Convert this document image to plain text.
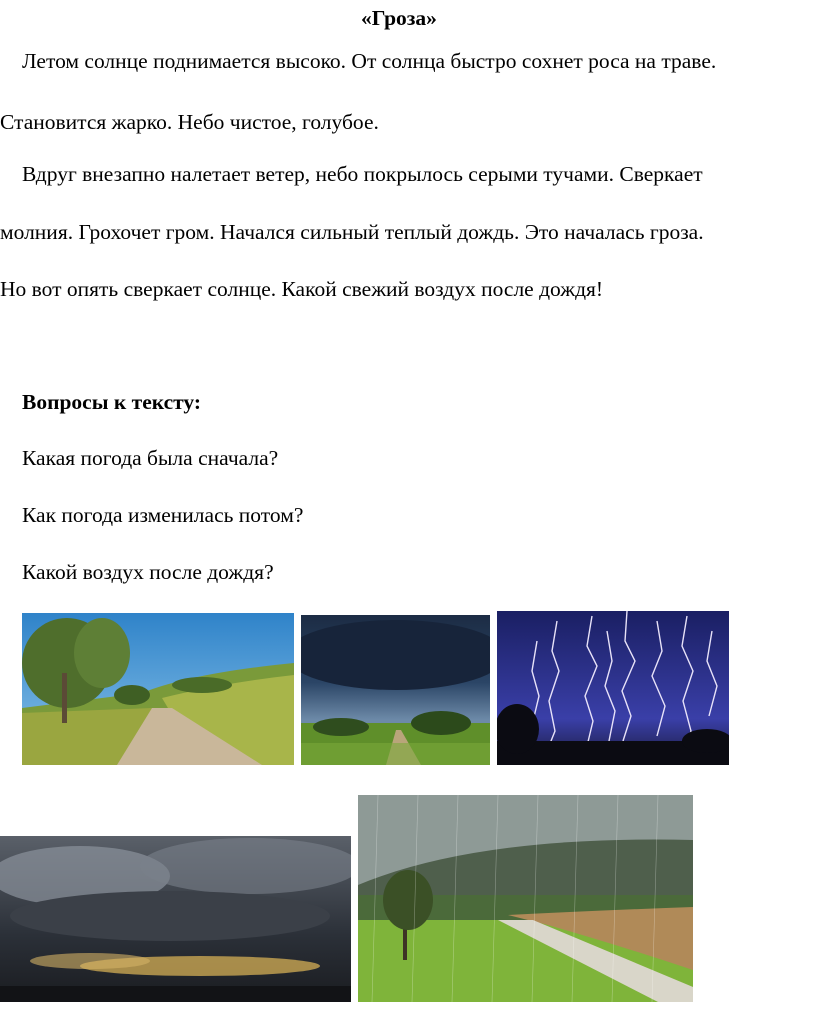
«Гроза»
Летом солнце поднимается высоко. От солнца быстро сохнет роса на траве.
Становится жарко. Небо чистое, голубое.
Вдруг внезапно налетает ветер, небо покрылось серыми тучами. Сверкает
молния. Грохочет гром. Начался сильный теплый дождь. Это началась гроза.
Но вот опять сверкает солнце. Какой свежий воздух после дождя!
Вопросы к тексту:
Какая погода была сначала?
Как погода изменилась потом?
Какой воздух после дождя?
